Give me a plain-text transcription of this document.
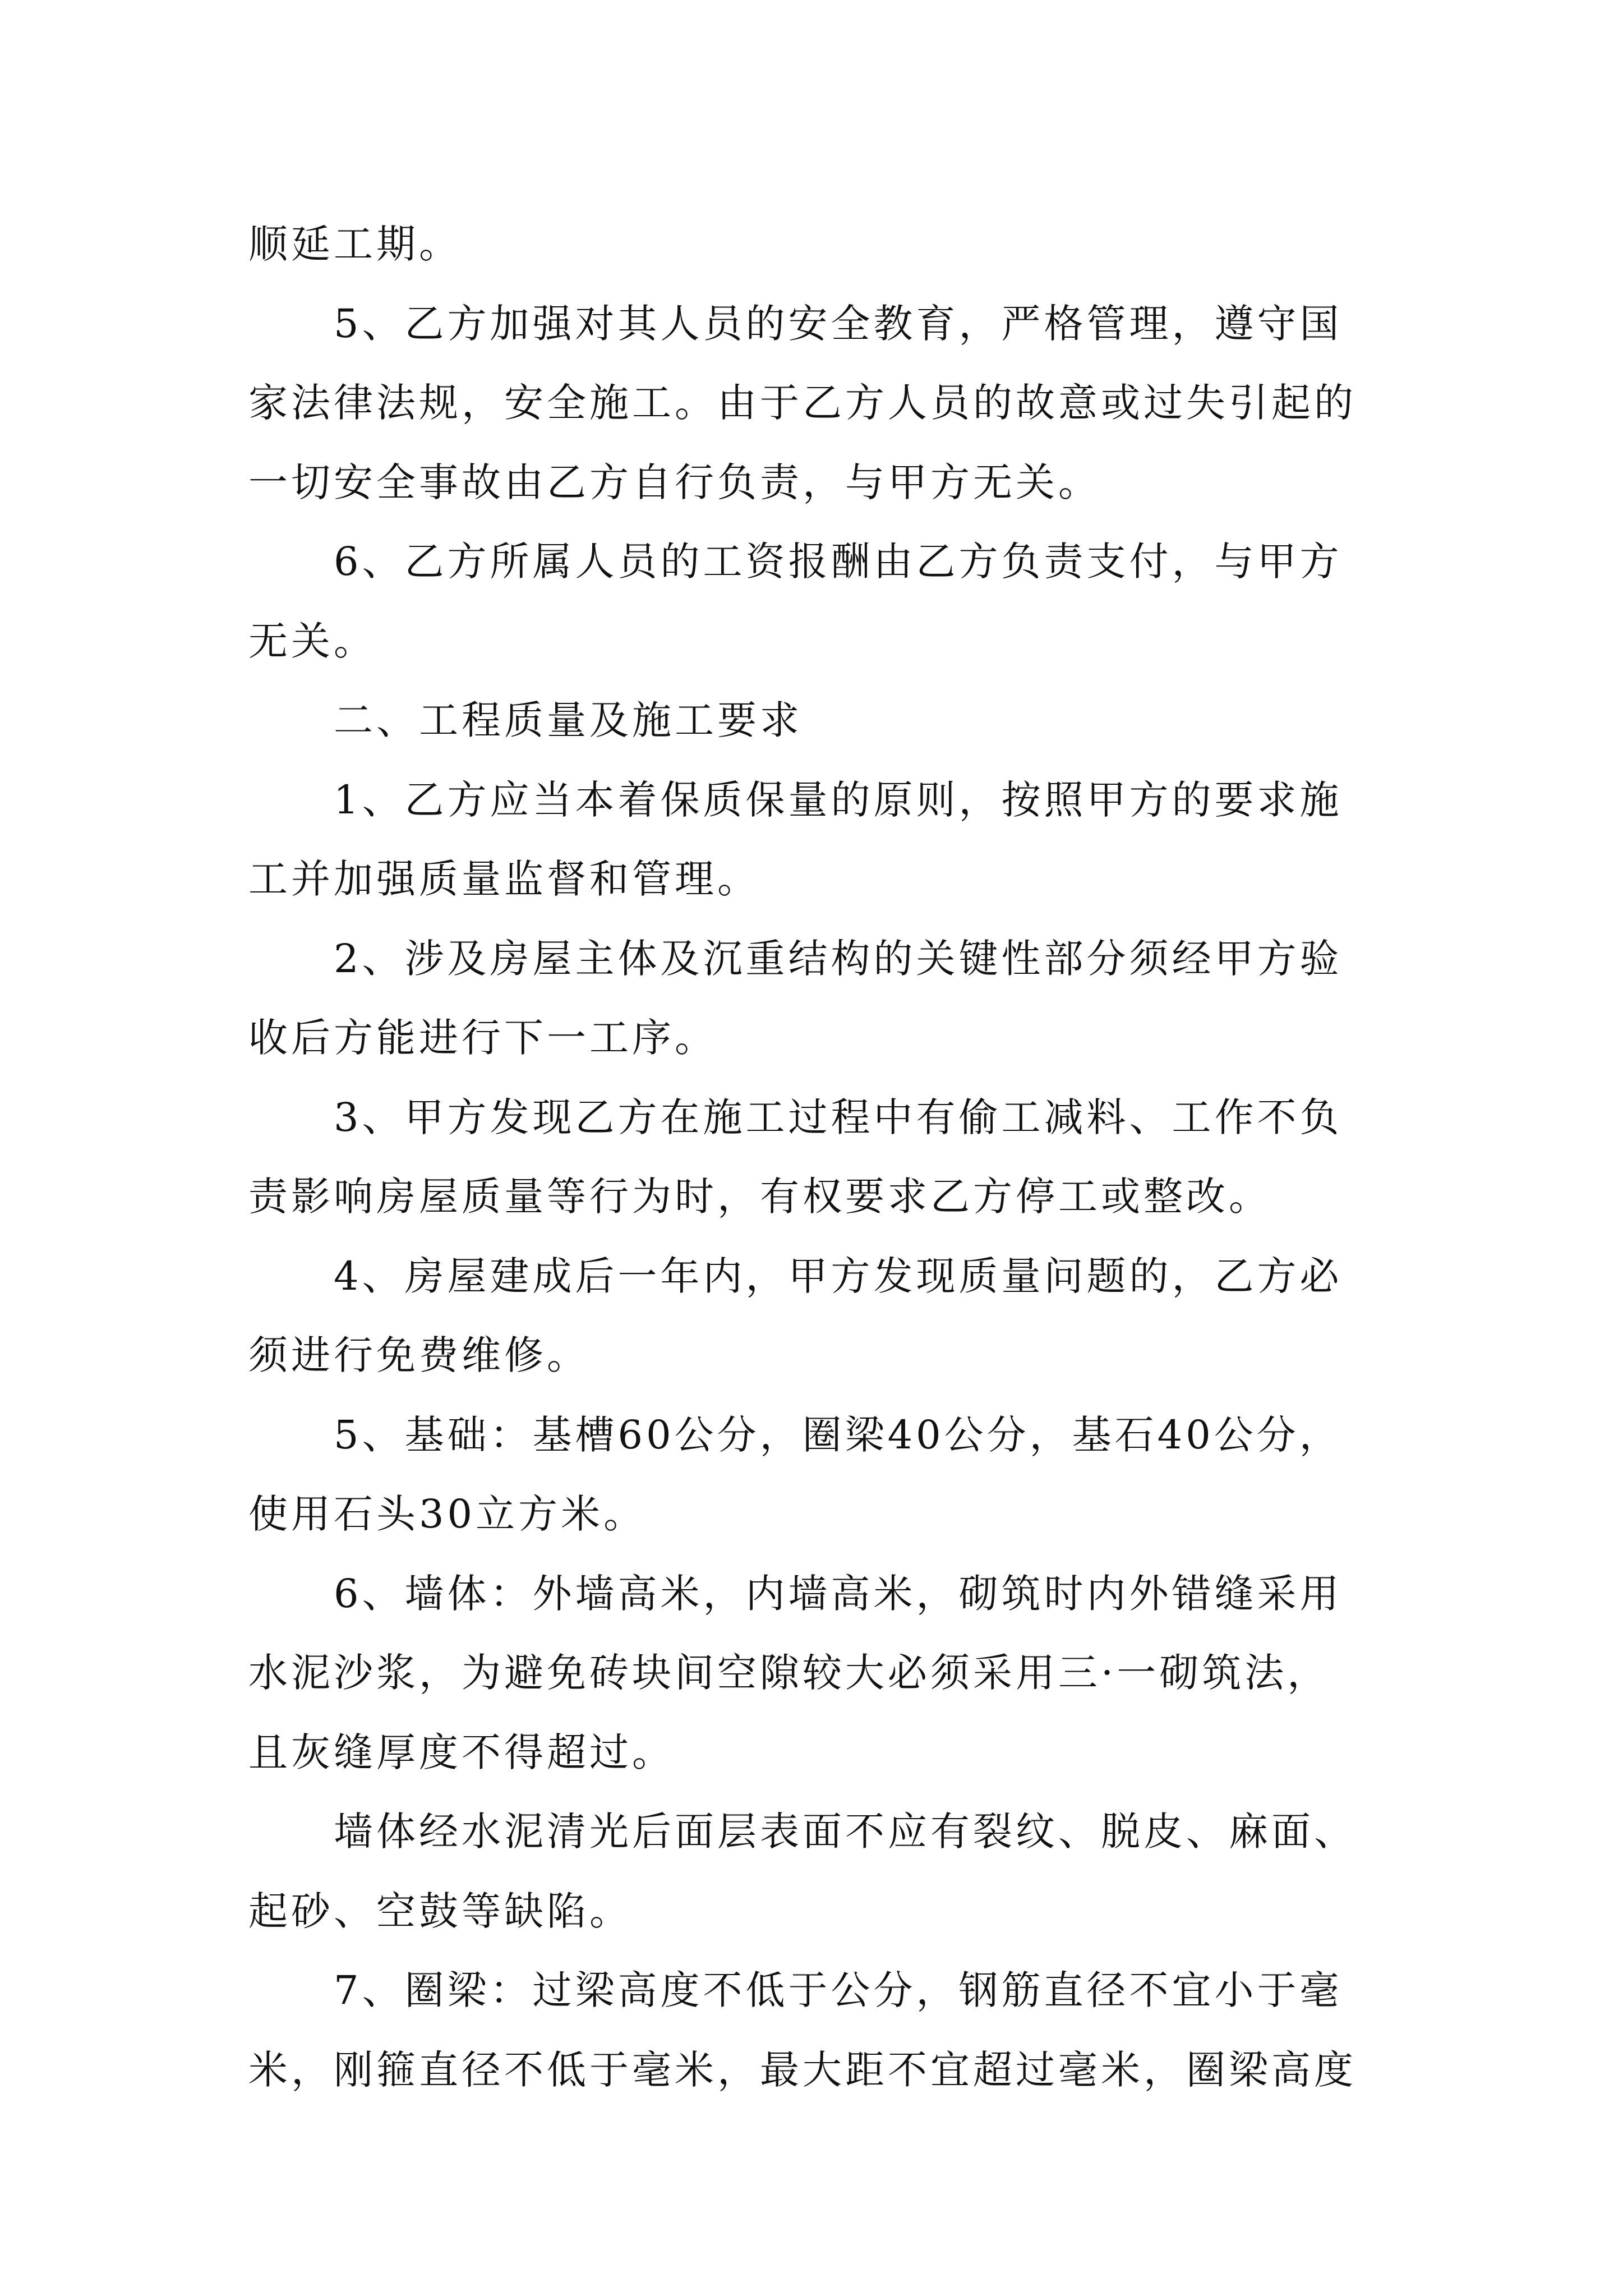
顺延工期。
5、乙方加强对其人员的安全教育，严格管理，遵守国
家法律法规，安全施工。由于乙方人员的故意或过失引起的
一切安全事故由乙方自行负责，与甲方无关。
6、乙方所属人员的工资报酬由乙方负责支付，与甲方
无关。
二、工程质量及施工要求
1、乙方应当本着保质保量的原则，按照甲方的要求施
工并加强质量监督和管理。
2、涉及房屋主体及沉重结构的关键性部分须经甲方验
收后方能进行下一工序。
3、甲方发现乙方在施工过程中有偷工减料、工作不负
责影响房屋质量等行为时，有权要求乙方停工或整改。
4、房屋建成后一年内，甲方发现质量问题的，乙方必
须进行免费维修。
5、基础：基槽60公分，圈梁40公分，基石40公分，
使用石头30立方米。
6、墙体：外墙高米，内墙高米，砌筑时内外错缝采用
水泥沙浆，为避免砖块间空隙较大必须采用三·一砌筑法，
且灰缝厚度不得超过。
墙体经水泥清光后面层表面不应有裂纹、脱皮、麻面、
起砂、空鼓等缺陷。
7、圈梁：过梁高度不低于公分，钢筋直径不宜小于毫
米，刚箍直径不低于毫米，最大距不宜超过毫米，圈梁高度
